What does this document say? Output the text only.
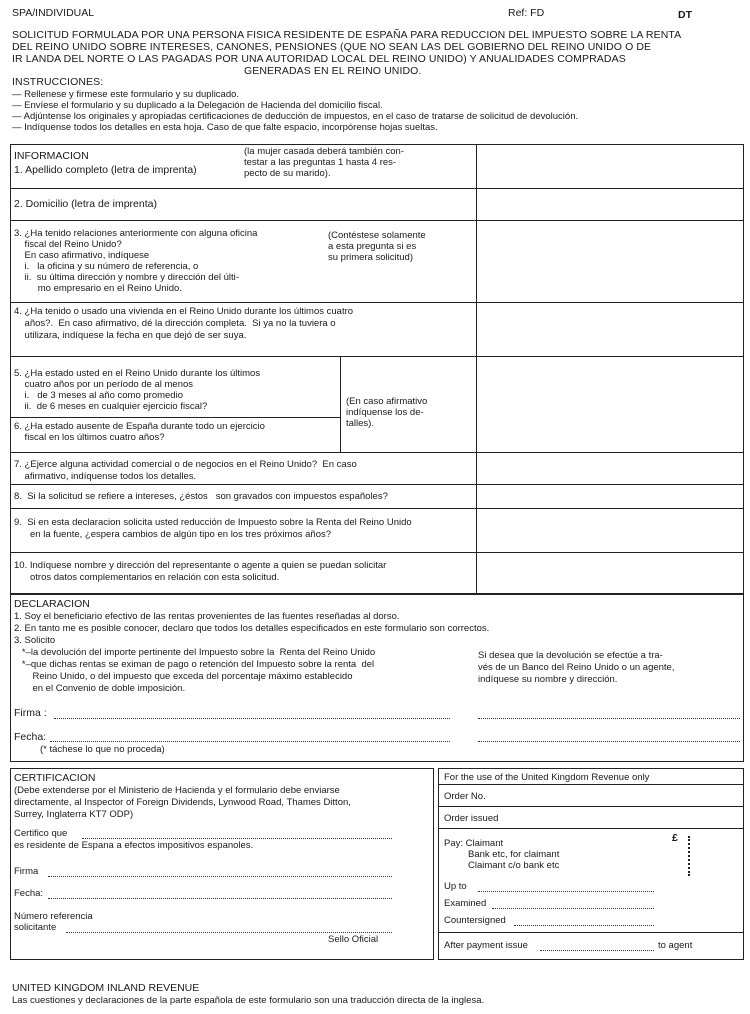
SPA/INDIVIDUAL	Ref: FD	DT
SOLICITUD FORMULADA POR UNA PERSONA FISICA RESIDENTE DE ESPAÑA PARA REDUCCION DEL IMPUESTO SOBRE LA RENTA
DEL REINO UNIDO SOBRE INTERESES, CANONES, PENSIONES (QUE NO SEAN LAS DEL GOBIERNO DEL REINO UNIDO O DE
IR LANDA DEL NORTE O LAS PAGADAS POR UNA AUTORIDAD LOCAL DEL REINO UNIDO) Y ANUALIDADES COMPRADAS
GENERADAS EN EL REINO UNIDO.
INSTRUCCIONES:
— Rellenese y firmese este formulario y su duplicado.
— Envíese el formulario y su duplicado a la Delegación de Hacienda del domicilio fiscal.
— Adjúntense los originales y apropiadas certificaciones de deducción de impuestos, en el caso de tratarse de solicitud de devolución.
— Indíquense todos los detalles en esta hoja. Caso de que falte espacio, incorpórense hojas sueltas.
INFORMACION
1. Apellido completo (letra de imprenta)
(la mujer casada deberá también con-
testar a las preguntas 1 hasta 4 res-
pecto de su marido).
2. Domicilio (letra de imprenta)
3. ¿Ha tenido relaciones anteriormente con alguna oficina
fiscal del Reino Unido?
En caso afirmativo, indíquese
i.   la oficina y su número de referencia, o
ii.  su última dirección y nombre y dirección del últi-
mo empresario en el Reino Unido.
(Contéstese solamente
a esta pregunta si es
su primera solicitud)
4. ¿Ha tenido o usado una vivienda en el Reino Unido durante los últimos cuatro
años?.  En caso afirmativo, dé la dirección completa.  Si ya no la tuviera o
utilizara, indíquese la fecha en que dejó de ser suya.
5. ¿Ha estado usted en el Reino Unido durante los últimos
cuatro años por un período de al menos
i.   de 3 meses al año como promedio
ii.  de 6 meses en cualquier ejercicio fiscal?	(En caso afirmativo
indíquense los de-
talles).
6. ¿Ha estado ausente de España durante todo un ejercicio
fiscal en los últimos cuatro años?
7. ¿Ejerce alguna actividad comercial o de negocios en el Reino Unido?  En caso
afirmativo, indíquense todos los detalles.
8.  Si la solicitud se refiere a intereses, ¿éstos   son gravados con impuestos españoles?
9.  Si en esta declaracion solicita usted reducción de Impuesto sobre la Renta del Reino Unido
en la fuente, ¿espera cambios de algún tipo en los tres próximos años?
10. Indíquese nombre y dirección del representante o agente a quien se puedan solicitar
otros datos complementarios en relación con esta solicitud.
DECLARACION
1. Soy el beneficiario efectivo de las rentas provenientes de las fuentes reseñadas al dorso.
2. En tanto me es posible conocer, declaro que todos los detalles especificados en este formulario son correctos.
3. Solicito
*–la devolución del importe pertinente del Impuesto sobre la  Renta del Reino Unido
*–que dichas rentas se eximan de pago o retención del Impuesto sobre la renta  del
Reino Unido, o del impuesto que exceda del porcentaje máximo establecido
en el Convenio de doble imposición.
Si desea que la devolución se efectúe a tra-
vés de un Banco del Reino Unido o un agente,
indíquese su nombre y dirección.
Firma :
Fecha:
(* táchese lo que no proceda)
CERTIFICACION
(Debe extenderse por el Ministerio de Hacienda y el formulario debe enviarse
directamente, al Inspector of Foreign Dividends, Lynwood Road, Thames Ditton,
Surrey, Inglaterra KT7 ODP)
Certifico que
es residente de Espana a efectos impositivos espanoles.
Firma
Fecha:
Número referencia
solicitante
Sello Oficial
For the use of the United Kingdom Revenue only
Order No.
Order issued
Pay: Claimant
Bank etc, for claimant
Claimant c/o bank etc
£
Up to
Examined
Countersigned
After payment issue	to agent
UNITED KINGDOM INLAND REVENUE
Las cuestiones y declaraciones de la parte española de este formulario son una traducción directa de la inglesa.
